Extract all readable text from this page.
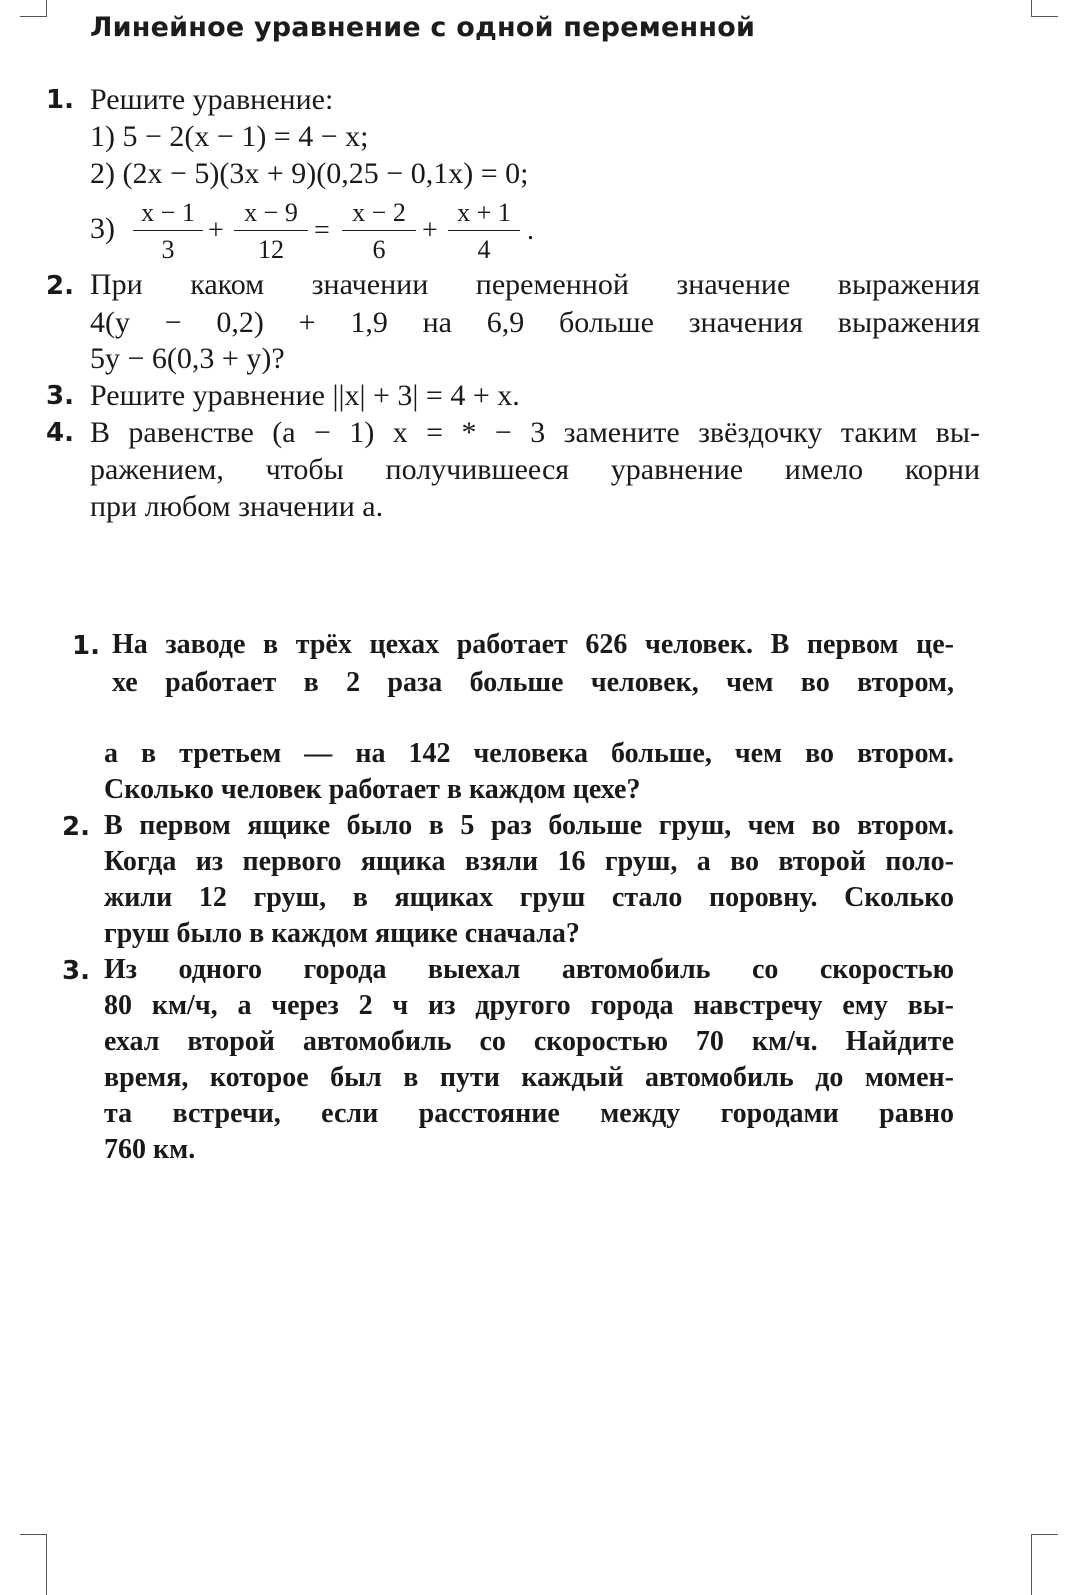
Линейное уравнение с одной переменной
1. Решите уравнение:
1) 5 − 2(x − 1) = 4 − x;
2) (2x − 5)(3x + 9)(0,25 − 0,1x) = 0;
3)	x − 1
3
+
x − 9
12
=
x − 2
6
+
x + 1
4
.
2. При каком значении переменной значение выражения
4(y − 0,2) + 1,9 на 6,9 больше значения выражения
5y − 6(0,3 + y)?
3. Решите уравнение ||x| + 3| = 4 + x.
4. В равенстве (a − 1) x = * − 3 замените звёздочку таким вы-
ражением, чтобы получившееся уравнение имело корни
при любом значении a.
1. На заводе в трёх цехах работает 626 человек. В первом це-
хе работает в 2 раза больше человек, чем во втором,
а в третьем — на 142 человека больше, чем во втором.
Сколько человек работает в каждом цехе?
2. В первом ящике было в 5 раз больше груш, чем во втором.
Когда из первого ящика взяли 16 груш, а во второй поло-
жили 12 груш, в ящиках груш стало поровну. Сколько
груш было в каждом ящике сначала?
3. Из одного города выехал автомобиль со скоростью
80 км/ч, а через 2 ч из другого города навстречу ему вы-
ехал второй автомобиль со скоростью 70 км/ч. Найдите
время, которое был в пути каждый автомобиль до момен-
та встречи, если расстояние между городами равно
760 км.
